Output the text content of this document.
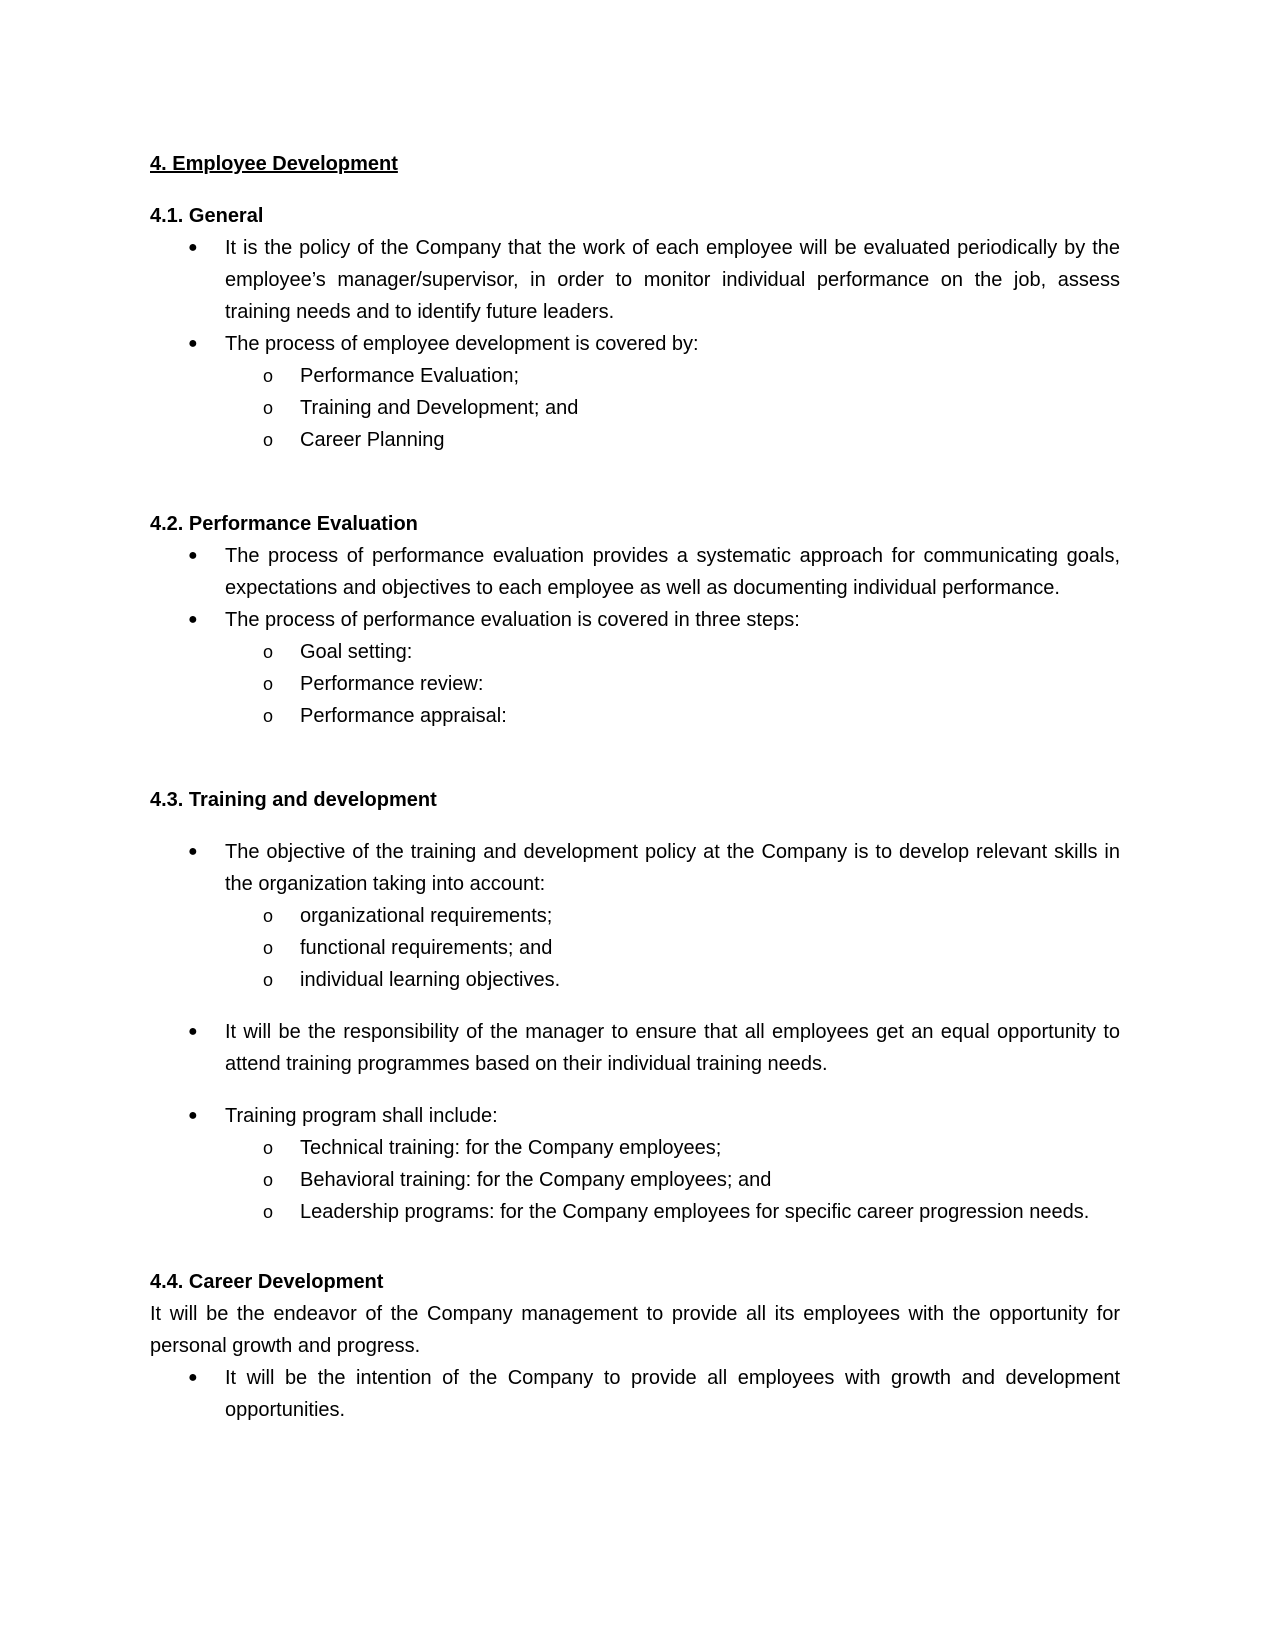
4. Employee Development

4.1. General

● It is the policy of the Company that the work of each employee will be evaluated periodically by the employee’s manager/supervisor, in order to monitor individual performance on the job, assess training needs and to identify future leaders.
● The process of employee development is covered by:
o Performance Evaluation;
o Training and Development; and
o Career Planning

4.2. Performance Evaluation

● The process of performance evaluation provides a systematic approach for communicating goals, expectations and objectives to each employee as well as documenting individual performance.
● The process of performance evaluation is covered in three steps:
o Goal setting:
o Performance review:
o Performance appraisal:

4.3. Training and development

● The objective of the training and development policy at the Company is to develop relevant skills in the organization taking into account:
o organizational requirements;
o functional requirements; and
o individual learning objectives.
● It will be the responsibility of the manager to ensure that all employees get an equal opportunity to attend training programmes based on their individual training needs.
● Training program shall include:
o Technical training: for the Company employees;
o Behavioral training: for the Company employees; and
o Leadership programs: for the Company employees for specific career progression needs.

4.4. Career Development

It will be the endeavor of the Company management to provide all its employees with the opportunity for personal growth and progress.

● It will be the intention of the Company to provide all employees with growth and development opportunities.
